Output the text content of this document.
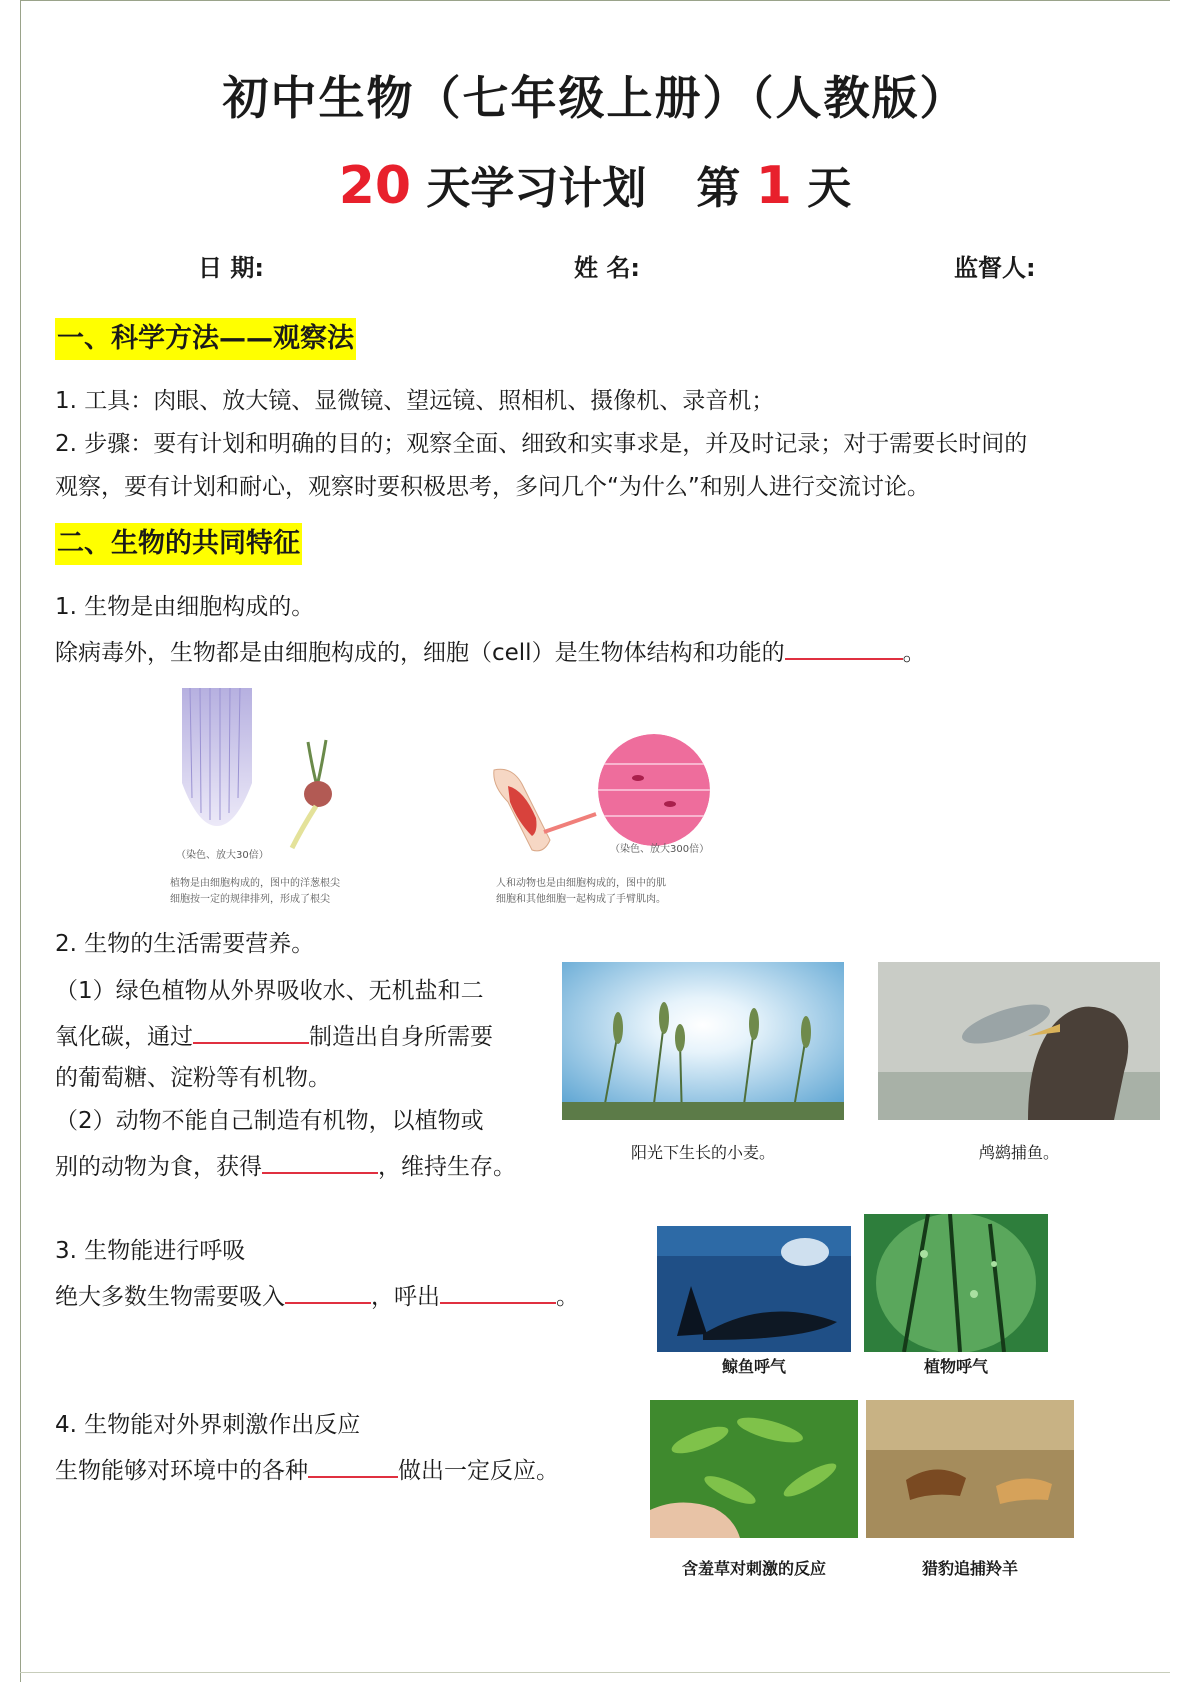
初中生物（七年级上册）（人教版）
20 天学习计划 第 1 天
日 期:	姓 名:	监督人:
一、科学方法——观察法
1. 工具：肉眼、放大镜、显微镜、望远镜、照相机、摄像机、录音机；
2. 步骤：要有计划和明确的目的；观察全面、细致和实事求是，并及时记录；对于需要长时间的
观察，要有计划和耐心，观察时要积极思考，多问几个“为什么”和别人进行交流讨论。
二、生物的共同特征
1. 生物是由细胞构成的。
除病毒外，生物都是由细胞构成的，细胞（cell）是生物体结构和功能的	。
（染色、放大30倍）
植物是由细胞构成的，图中的洋葱根尖
细胞按一定的规律排列，形成了根尖
（染色、放大300倍）
人和动物也是由细胞构成的，图中的肌
细胞和其他细胞一起构成了手臂肌肉。
2. 生物的生活需要营养。
（1）绿色植物从外界吸收水、无机盐和二
氧化碳，通过	制造出自身所需要
的葡萄糖、淀粉等有机物。
（2）动物不能自己制造有机物，以植物或
别的动物为食，获得	，维持生存。
阳光下生长的小麦。	鸬鹚捕鱼。
3. 生物能进行呼吸
绝大多数生物需要吸入	，呼出	。
鲸鱼呼气	植物呼气
4. 生物能对外界刺激作出反应
生物能够对环境中的各种	做出一定反应。
含羞草对刺激的反应	猎豹追捕羚羊
